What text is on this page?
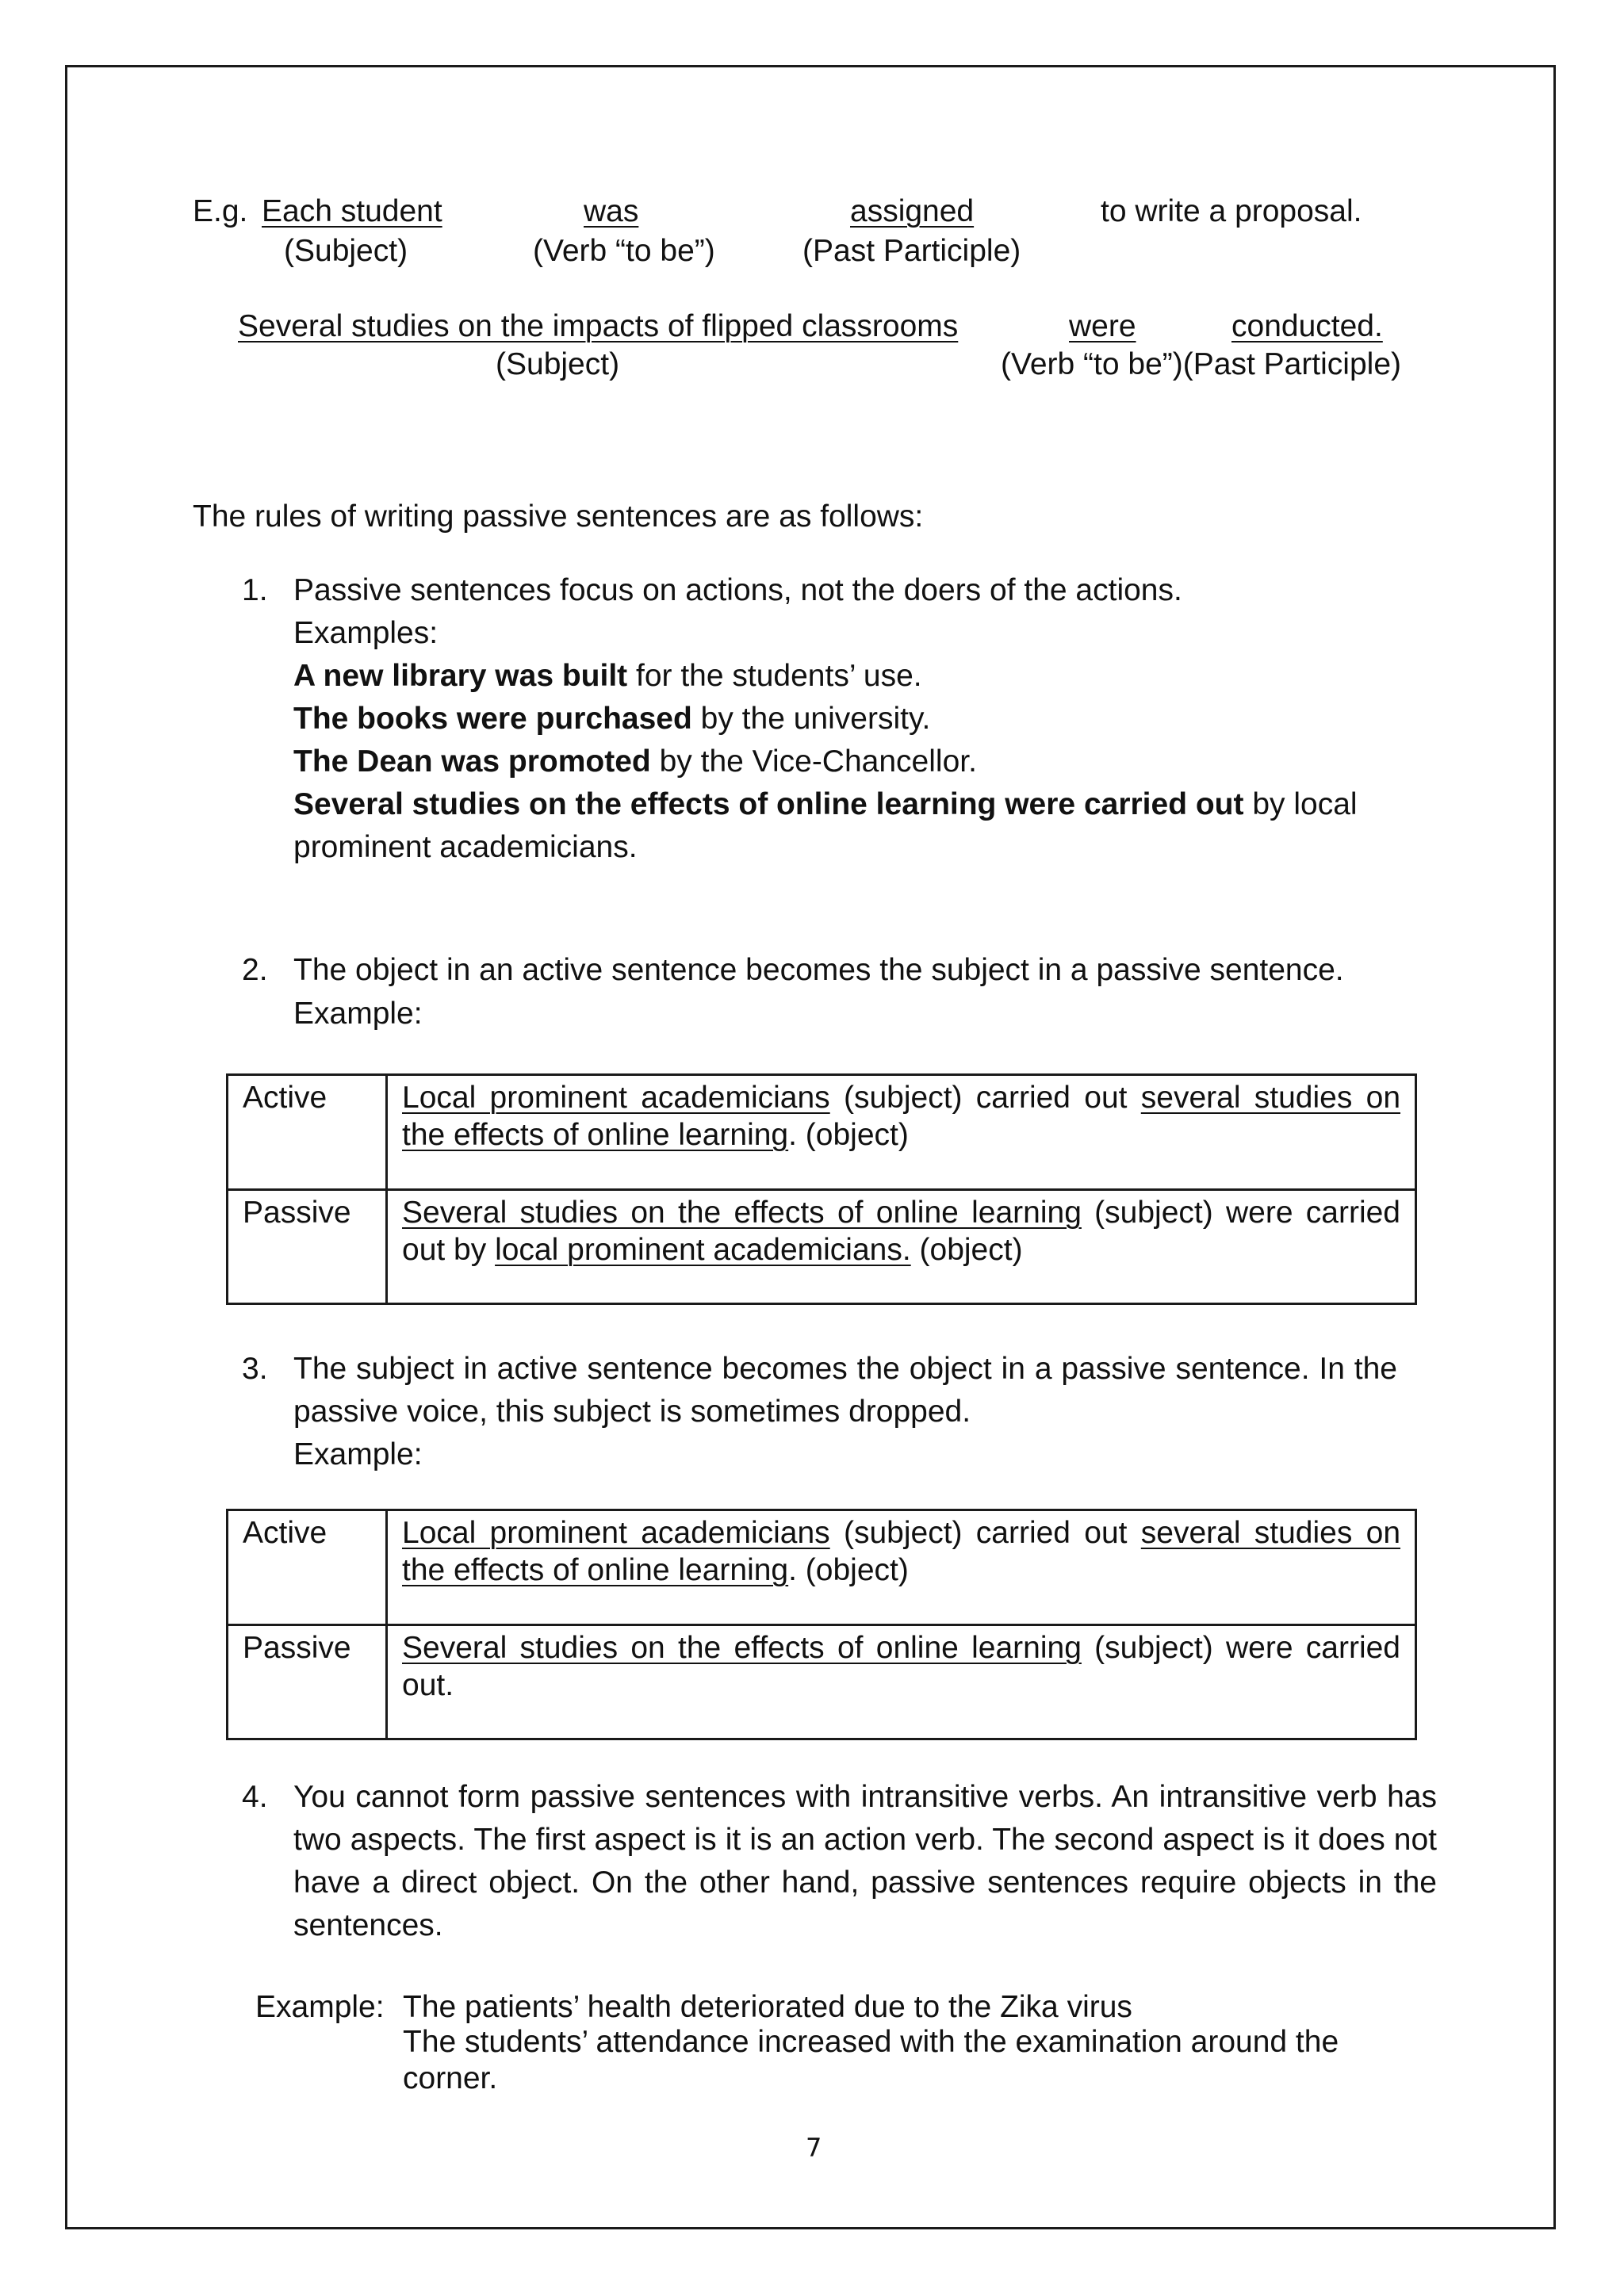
E.g. Each student	was	assigned	to write a proposal.
(Subject)	(Verb “to be”)	(Past Participle)
Several studies on the impacts of flipped classrooms	were	conducted.
(Subject)	(Verb “to be”)(Past Participle)
The rules of writing passive sentences are as follows:
1. Passive sentences focus on actions, not the doers of the actions.
Examples:
A new library was built for the students’ use.
The books were purchased by the university.
The Dean was promoted by the Vice-Chancellor.
Several studies on the effects of online learning were carried out by local
prominent academicians.
2. The object in an active sentence becomes the subject in a passive sentence.
Example:
Active	Local prominent academicians (subject) carried out several studies on the effects of online learning. (object)
Passive	Several studies on the effects of online learning (subject) were carried out by local prominent academicians. (object)
3. The subject in active sentence becomes the object in a passive sentence. In the passive voice, this subject is sometimes dropped.
Example:
Active	Local prominent academicians (subject) carried out several studies on the effects of online learning. (object)
Passive	Several studies on the effects of online learning (subject) were carried out.
4. You cannot form passive sentences with intransitive verbs. An intransitive verb has two aspects. The first aspect is it is an action verb. The second aspect is it does not have a direct object. On the other hand, passive sentences require objects in the sentences.
Example: The patients’ health deteriorated due to the Zika virus
The students’ attendance increased with the examination around the corner.
7
